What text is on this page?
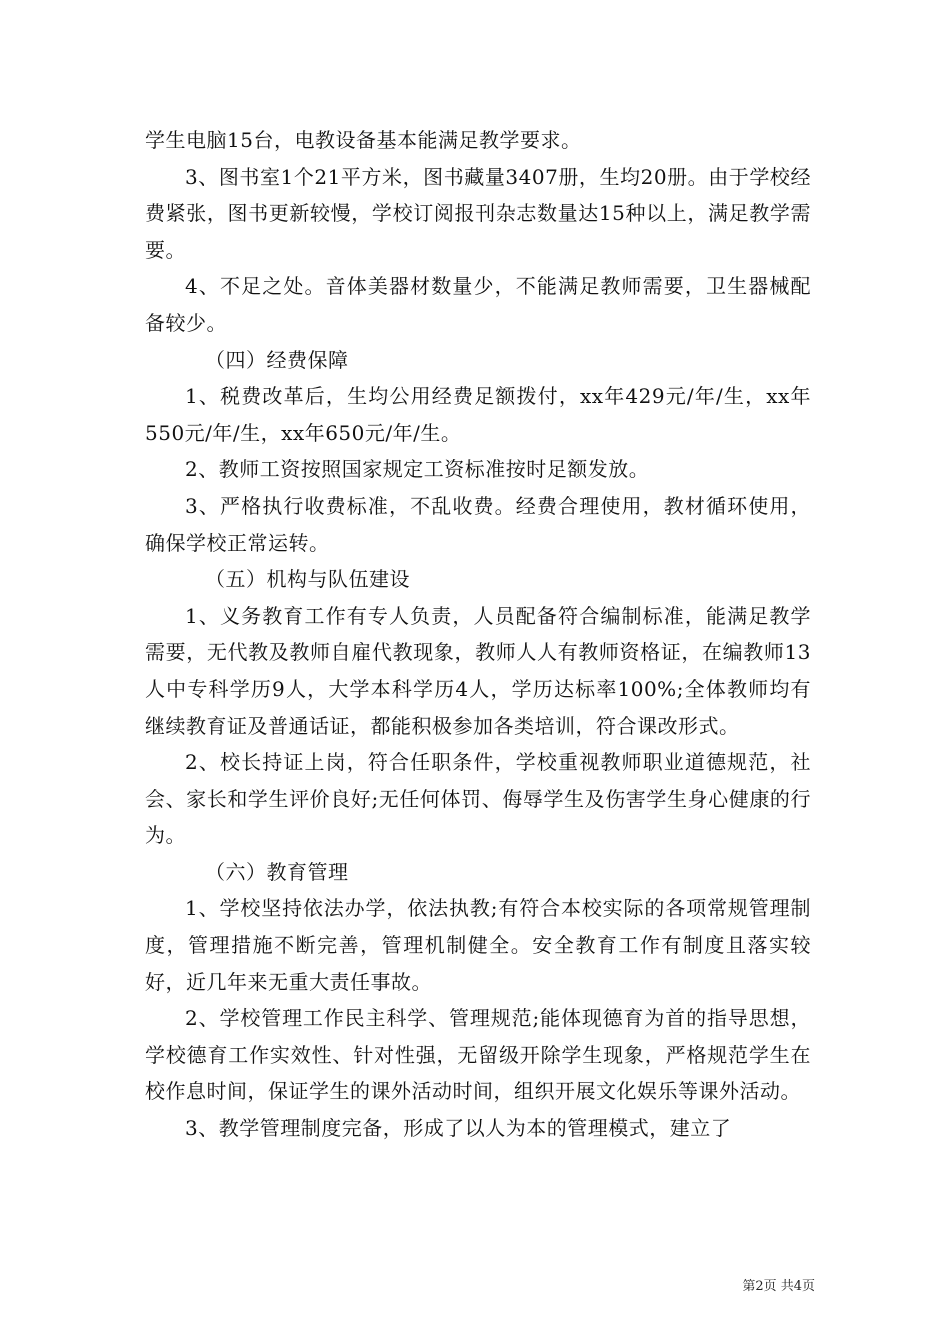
学生电脑15台，电教设备基本能满足教学要求。

3、图书室1个21平方米，图书藏量3407册，生均20册。由于学校经费紧张，图书更新较慢，学校订阅报刊杂志数量达15种以上，满足教学需要。

4、不足之处。音体美器材数量少，不能满足教师需要，卫生器械配备较少。

（四）经费保障

1、税费改革后，生均公用经费足额拨付，xx年429元/年/生，xx年550元/年/生，xx年650元/年/生。

2、教师工资按照国家规定工资标准按时足额发放。

3、严格执行收费标准，不乱收费。经费合理使用，教材循环使用，确保学校正常运转。

（五）机构与队伍建设

1、义务教育工作有专人负责，人员配备符合编制标准，能满足教学需要，无代教及教师自雇代教现象，教师人人有教师资格证，在编教师13人中专科学历9人，大学本科学历4人，学历达标率100%;全体教师均有继续教育证及普通话证，都能积极参加各类培训，符合课改形式。

2、校长持证上岗，符合任职条件，学校重视教师职业道德规范，社会、家长和学生评价良好;无任何体罚、侮辱学生及伤害学生身心健康的行为。

（六）教育管理

1、学校坚持依法办学，依法执教;有符合本校实际的各项常规管理制度，管理措施不断完善，管理机制健全。安全教育工作有制度且落实较好，近几年来无重大责任事故。

2、学校管理工作民主科学、管理规范;能体现德育为首的指导思想，学校德育工作实效性、针对性强，无留级开除学生现象，严格规范学生在校作息时间，保证学生的课外活动时间，组织开展文化娱乐等课外活动。

3、教学管理制度完备，形成了以人为本的管理模式，建立了

第2页 共4页
